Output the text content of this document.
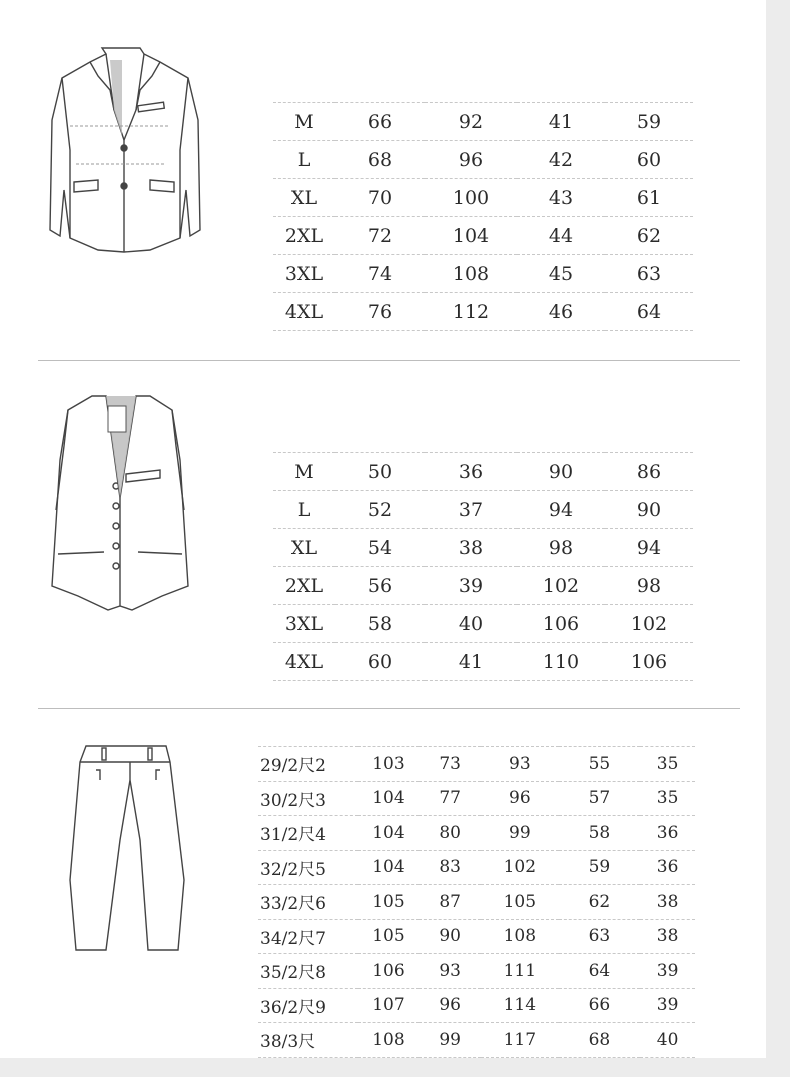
M	66	92	41	59
L	68	96	42	60
XL	70	100	43	61
2XL	72	104	44	62
3XL	74	108	45	63
4XL	76	112	46	64
M	50	36	90	86
L	52	37	94	90
XL	54	38	98	94
2XL	56	39	102	98
3XL	58	40	106	102
4XL	60	41	110	106
29/2尺2	103	73	93	55	35
30/2尺3	104	77	96	57	35
31/2尺4	104	80	99	58	36
32/2尺5	104	83	102	59	36
33/2尺6	105	87	105	62	38
34/2尺7	105	90	108	63	38
35/2尺8	106	93	111	64	39
36/2尺9	107	96	114	66	39
38/3尺	108	99	117	68	40
